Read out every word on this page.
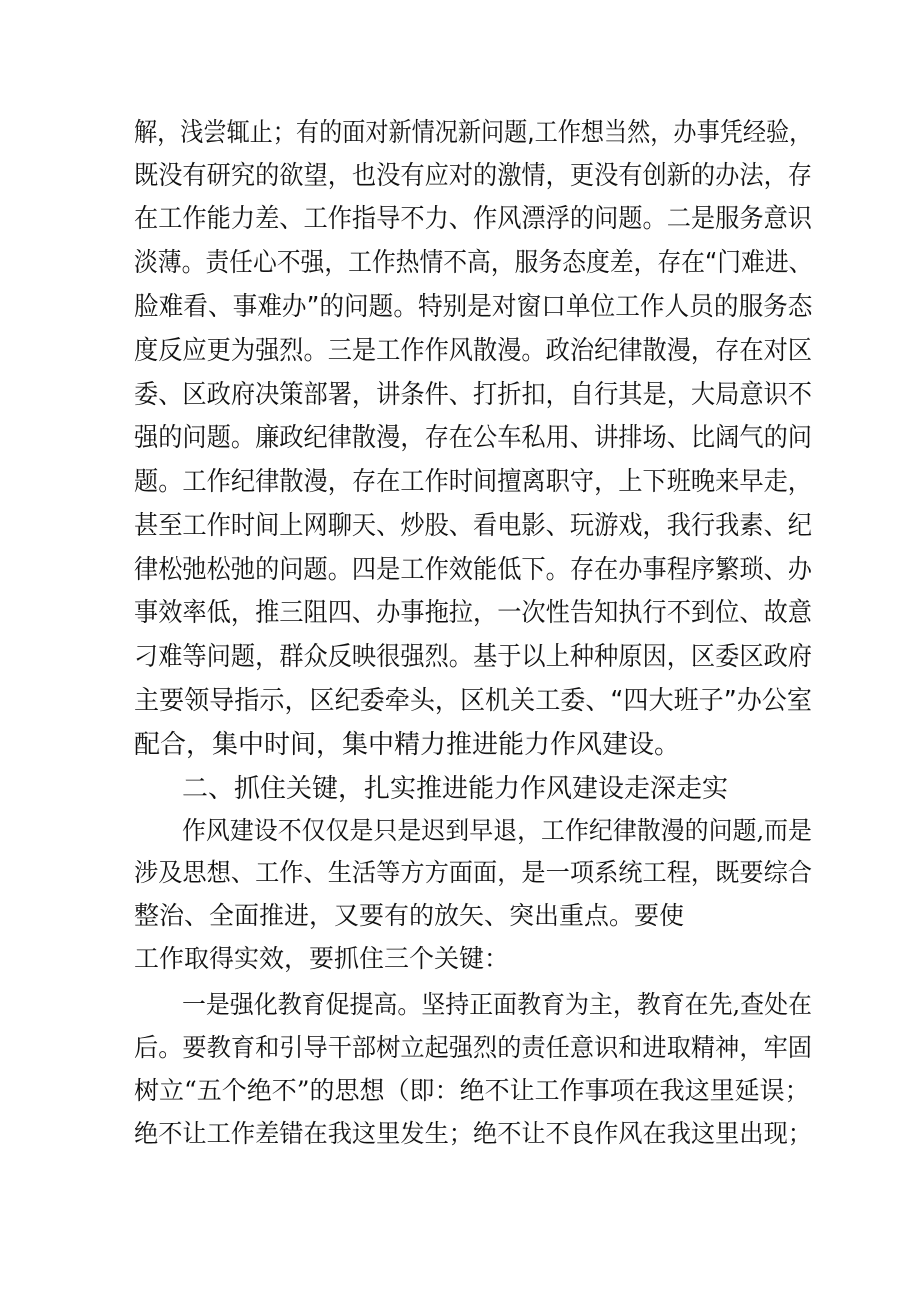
解，浅尝辄止；有的面对新情况新问题,工作想当然，办事凭经验，

既没有研究的欲望，也没有应对的激情，更没有创新的办法，存

在工作能力差、工作指导不力、作风漂浮的问题。二是服务意识

淡薄。责任心不强，工作热情不高，服务态度差，存在“门难进、

脸难看、事难办”的问题。特别是对窗口单位工作人员的服务态

度反应更为强烈。三是工作作风散漫。政治纪律散漫，存在对区

委、区政府决策部署，讲条件、打折扣，自行其是，大局意识不

强的问题。廉政纪律散漫，存在公车私用、讲排场、比阔气的问

题。工作纪律散漫，存在工作时间擅离职守，上下班晚来早走，

甚至工作时间上网聊天、炒股、看电影、玩游戏，我行我素、纪

律松弛松弛的问题。四是工作效能低下。存在办事程序繁琐、办

事效率低，推三阻四、办事拖拉，一次性告知执行不到位、故意

刁难等问题，群众反映很强烈。基于以上种种原因，区委区政府

主要领导指示，区纪委牵头，区机关工委、“四大班子”办公室

配合，集中时间，集中精力推进能力作风建设。

二、抓住关键，扎实推进能力作风建设走深走实

作风建设不仅仅是只是迟到早退，工作纪律散漫的问题,而是

涉及思想、工作、生活等方方面面，是一项系统工程，既要综合

整治、全面推进，又要有的放矢、突出重点。要使

工作取得实效，要抓住三个关键：

一是强化教育促提高。坚持正面教育为主，教育在先,查处在

后。要教育和引导干部树立起强烈的责任意识和进取精神，牢固

树立“五个绝不”的思想（即：绝不让工作事项在我这里延误；

绝不让工作差错在我这里发生；绝不让不良作风在我这里出现；
